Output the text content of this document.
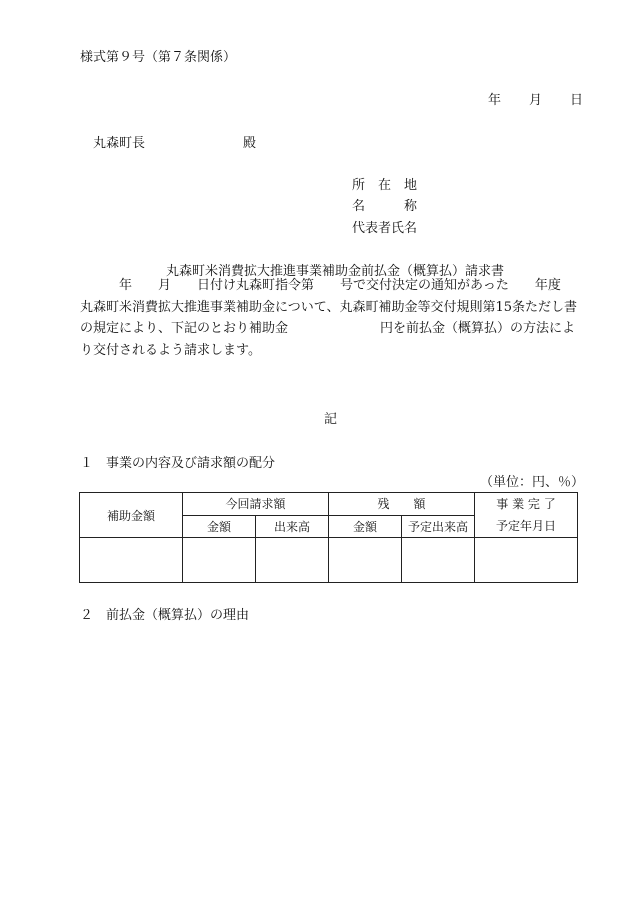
様式第９号（第７条関係）
年 月 日
丸森町長	殿
所　在　地
名　　　称
代表者氏名
丸森町米消費拡大推進事業補助金前払金（概算払）請求書
年 月 日付け丸森町指令第 号で交付決定の通知があった 年度
丸森町米消費拡大推進事業補助金について、丸森町補助金等交付規則第15条ただし書
の規定により、下記のとおり補助金	円を前払金（概算払）の方法によ
り交付されるよう請求します。
記
１ 事業の内容及び請求額の配分
（単位：円、％）
補助金額	今回請求額		残　　額		事 業 完 了
予定年月日

	金額	出来高	金額	予定出来高	

２ 前払金（概算払）の理由
